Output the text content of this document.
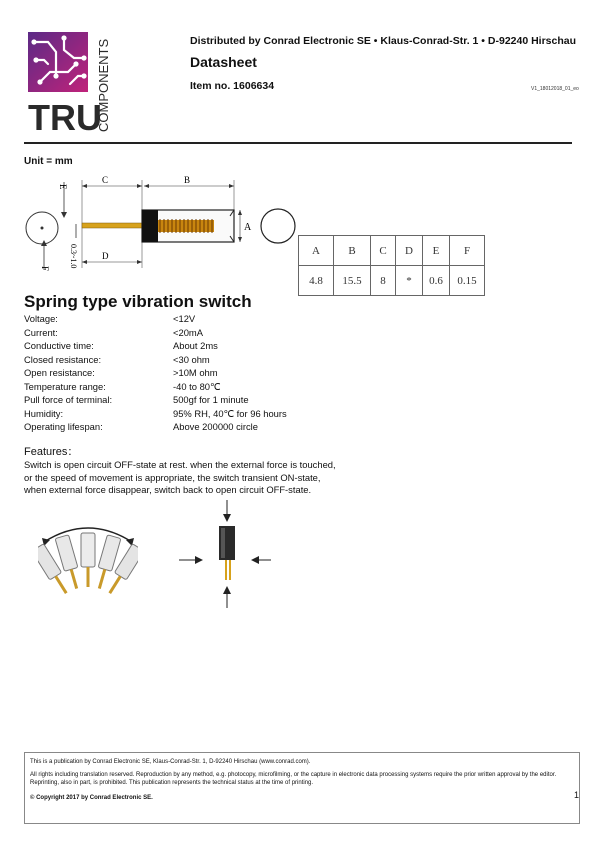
TRU
COMPONENTS	Distributed by Conrad Electronic SE • Klaus-Conrad-Str. 1 • D-92240 Hirschau
Datasheet
Item no. 1606634	V1_18012018_01_eo
Unit = mm
E
F
0.3~1.0
C	B
A
D	A	B	C	D	E	F
4.8	15.5	8	*	0.6	0.15
Spring type vibration switch
Voltage:	<12V
Current:	<20mA
Conductive time:	About 2ms
Closed resistance:	<30 ohm
Open resistance:	>10M ohm
Temperature range:	-40 to 80℃
Pull force of terminal:	500gf for 1 minute
Humidity:	95% RH, 40℃ for 96 hours
Operating lifespan:	Above 200000 circle
Features：
Switch is open circuit OFF-state at rest. when the external force is touched,
or the speed of movement is appropriate, the switch transient ON-state,
when external force disappear, switch back to open circuit OFF-state.
This is a publication by Conrad Electronic SE, Klaus-Conrad-Str. 1, D-92240 Hirschau (www.conrad.com).
All rights including translation reserved. Reproduction by any method, e.g. photocopy, microfilming, or the capture in electronic data processing systems require the prior written approval by the editor. Reprinting, also in part, is prohibited. This publication represents the technical status at the time of printing.
© Copyright 2017 by Conrad Electronic SE.	1
